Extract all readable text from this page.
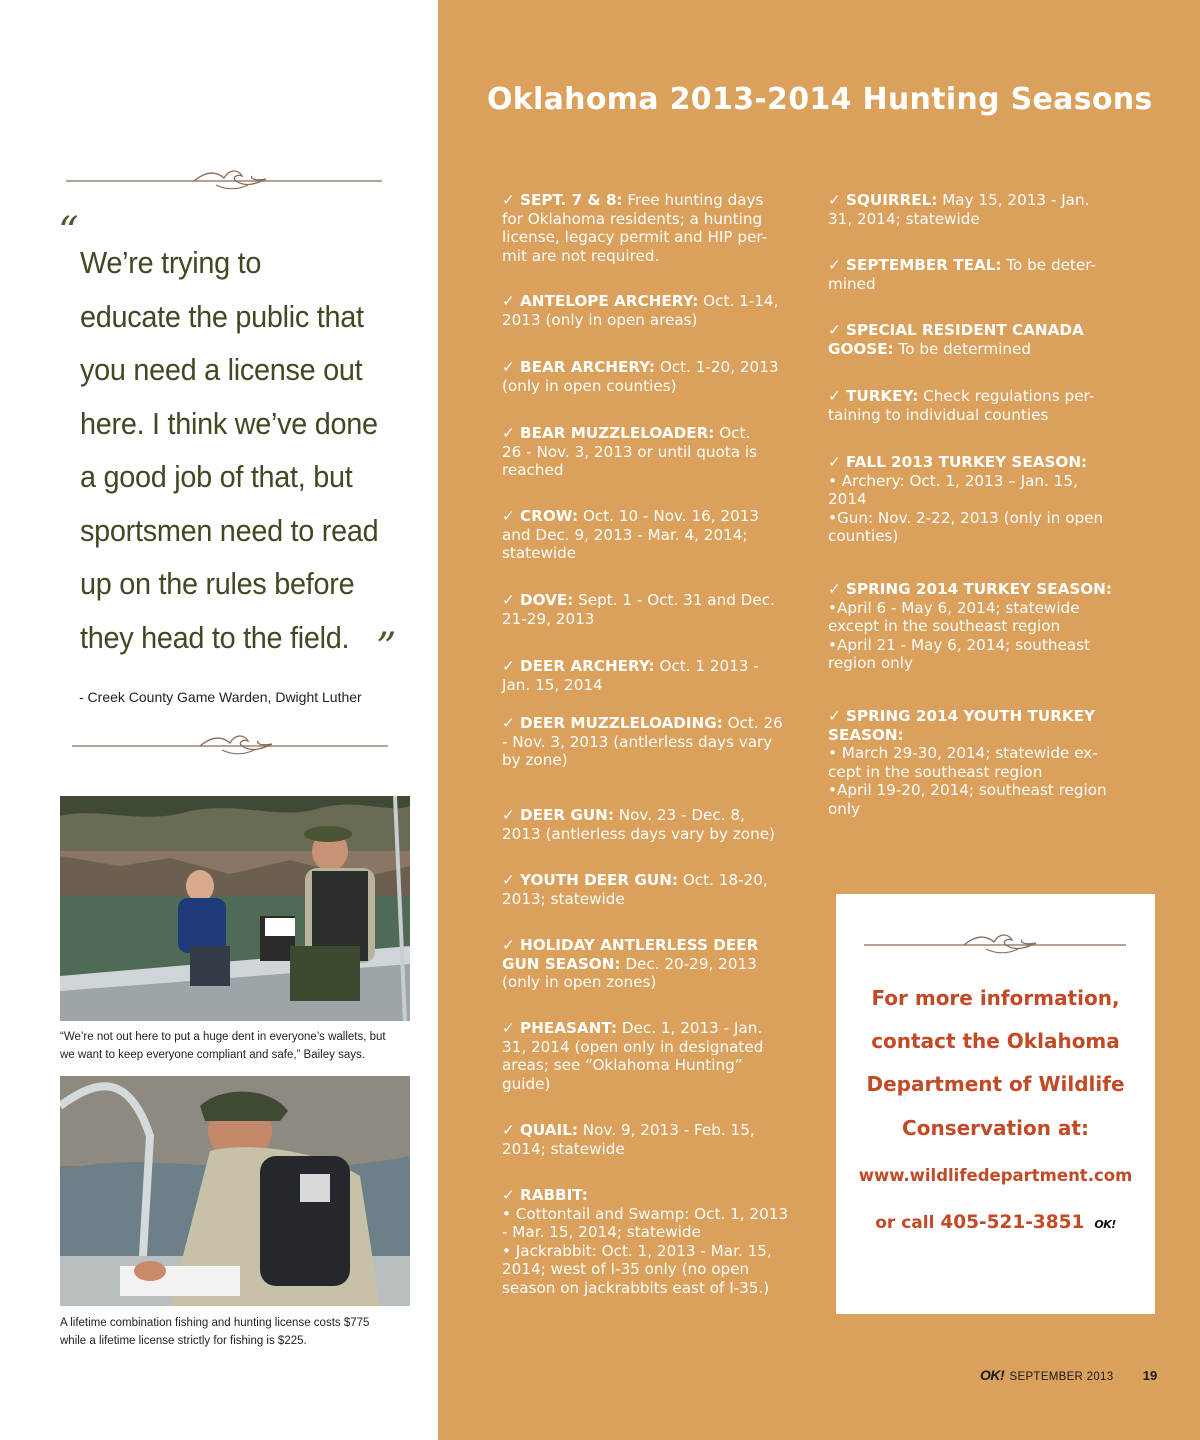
“
We’re trying to
educate the public that
you need a license out
here. I think we’ve done
a good job of that, but
sportsmen need to read
up on the rules before
they head to the field. ”
- Creek County Game Warden, Dwight Luther
“We’re not out here to put a huge dent in everyone’s wallets, but
we want to keep everyone compliant and safe,” Bailey says.
A lifetime combination fishing and hunting license costs $775
while a lifetime license strictly for fishing is $225.
Oklahoma 2013-2014 Hunting Seasons
✓ SEPT. 7 & 8: Free hunting days
for Oklahoma residents; a hunting
license, legacy permit and HIP per-
mit are not required.
✓ ANTELOPE ARCHERY: Oct. 1-14,
2013 (only in open areas)
✓ BEAR ARCHERY: Oct. 1-20, 2013
(only in open counties)
✓ BEAR MUZZLELOADER: Oct.
26 - Nov. 3, 2013 or until quota is
reached
✓ CROW: Oct. 10 - Nov. 16, 2013
and Dec. 9, 2013 - Mar. 4, 2014;
statewide
✓ DOVE: Sept. 1 - Oct. 31 and Dec.
21-29, 2013
✓ DEER ARCHERY: Oct. 1 2013 -
Jan. 15, 2014
✓ DEER MUZZLELOADING: Oct. 26
- Nov. 3, 2013 (antlerless days vary
by zone)
✓ DEER GUN: Nov. 23 - Dec. 8,
2013 (antlerless days vary by zone)
✓ YOUTH DEER GUN: Oct. 18-20,
2013; statewide
✓ HOLIDAY ANTLERLESS DEER
GUN SEASON: Dec. 20-29, 2013
(only in open zones)
✓ PHEASANT: Dec. 1, 2013 - Jan.
31, 2014 (open only in designated
areas; see “Oklahoma Hunting”
guide)
✓ QUAIL: Nov. 9, 2013 - Feb. 15,
2014; statewide
✓ RABBIT:
• Cottontail and Swamp: Oct. 1, 2013
- Mar. 15, 2014; statewide
• Jackrabbit: Oct. 1, 2013 - Mar. 15,
2014; west of I-35 only (no open
season on jackrabbits east of I-35.)
✓ SQUIRREL: May 15, 2013 - Jan.
31, 2014; statewide
✓ SEPTEMBER TEAL: To be deter-
mined
✓ SPECIAL RESIDENT CANADA
GOOSE: To be determined
✓ TURKEY: Check regulations per-
taining to individual counties
✓ FALL 2013 TURKEY SEASON:
• Archery: Oct. 1, 2013 – Jan. 15,
2014
•Gun: Nov. 2-22, 2013 (only in open
counties)
✓ SPRING 2014 TURKEY SEASON:
•April 6 - May 6, 2014; statewide
except in the southeast region
•April 21 - May 6, 2014; southeast
region only
✓ SPRING 2014 YOUTH TURKEY
SEASON:
• March 29-30, 2014; statewide ex-
cept in the southeast region
•April 19-20, 2014; southeast region
only
For more information,
contact the Oklahoma
Department of Wildlife
Conservation at:
www.wildlifedepartment.com
or call 405-521-3851 OK!
OK! SEPTEMBER 2013 19
